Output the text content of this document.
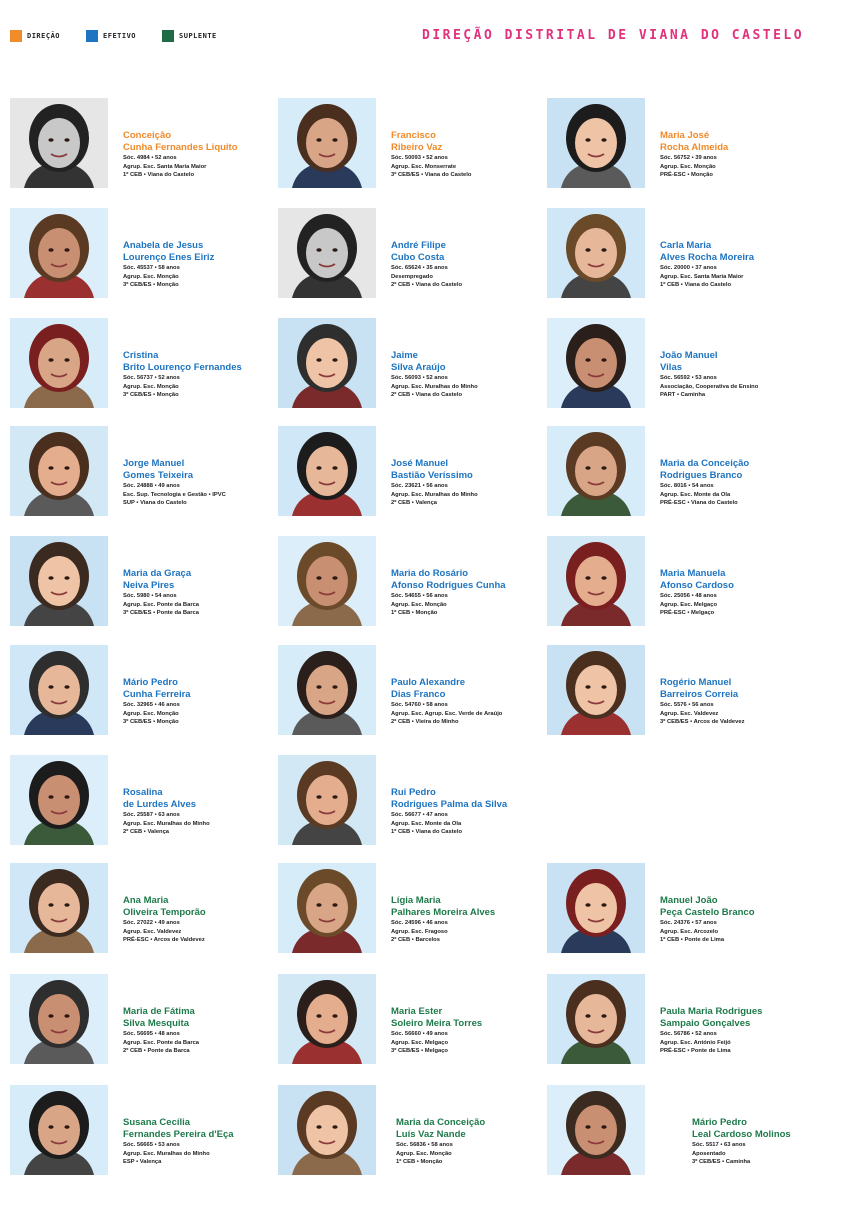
DIREÇÃO	EFETIVO	SUPLENTE	DIREÇÃO DISTRITAL DE VIANA DO CASTELO
Conceição
Cunha Fernandes Liquito
Sóc. 4984 • 52 anos
Agrup. Esc. Santa Maria Maior
1º CEB • Viana do Castelo
Francisco
Ribeiro Vaz
Sóc. 50093 • 52 anos
Agrup. Esc. Monserrate
3º CEB/ES • Viana do Castelo
Maria José
Rocha Almeida
Sóc. 56752 • 39 anos
Agrup. Esc. Monção
PRÉ-ESC • Monção
Anabela de Jesus
Lourenço Enes Eiriz
Sóc. 45537 • 58 anos
Agrup. Esc. Monção
3º CEB/ES • Monção
André Filipe
Cubo Costa
Sóc. 65624 • 35 anos
Desempregado
2º CEB • Viana do Castelo
Carla Maria
Alves Rocha Moreira
Sóc. 20000 • 37 anos
Agrup. Esc. Santa Maria Maior
1º CEB • Viana do Castelo
Cristina
Brito Lourenço Fernandes
Sóc. 56737 • 52 anos
Agrup. Esc. Monção
3º CEB/ES • Monção
Jaime
Silva Araújo
Sóc. 56093 • 52 anos
Agrup. Esc. Muralhas do Minho
2º CEB • Viana do Castelo
João Manuel
Vilas
Sóc. 56592 • 53 anos
Associação, Cooperativa de Ensino
PART • Caminha
Jorge Manuel
Gomes Teixeira
Sóc. 24888 • 49 anos
Esc. Sup. Tecnologia e Gestão • IPVC
SUP • Viana do Castelo
José Manuel
Bastião Veríssimo
Sóc. 23621 • 56 anos
Agrup. Esc. Muralhas do Minho
2º CEB • Valença
Maria da Conceição
Rodrigues Branco
Sóc. 8016 • 54 anos
Agrup. Esc. Monte da Ola
PRÉ-ESC • Viana do Castelo
Maria da Graça
Neiva Pires
Sóc. 5980 • 54 anos
Agrup. Esc. Ponte da Barca
3º CEB/ES • Ponte da Barca
Maria do Rosário
Afonso Rodrigues Cunha
Sóc. 54655 • 56 anos
Agrup. Esc. Monção
1º CEB • Monção
Maria Manuela
Afonso Cardoso
Sóc. 25056 • 48 anos
Agrup. Esc. Melgaço
PRÉ-ESC • Melgaço
Mário Pedro
Cunha Ferreira
Sóc. 32965 • 46 anos
Agrup. Esc. Monção
3º CEB/ES • Monção
Paulo Alexandre
Dias Franco
Sóc. 54760 • 58 anos
Agrup. Esc. Agrup. Esc. Verde de Araújo
2º CEB • Vieira do Minho
Rogério Manuel
Barreiros Correia
Sóc. 5576 • 56 anos
Agrup. Esc. Valdevez
3º CEB/ES • Arcos de Valdevez
Rosalina
de Lurdes Alves
Sóc. 25587 • 63 anos
Agrup. Esc. Muralhas do Minho
2º CEB • Valença
Rui Pedro
Rodrigues Palma da Silva
Sóc. 56677 • 47 anos
Agrup. Esc. Monte da Ola
1º CEB • Viana do Castelo
Ana Maria
Oliveira Temporão
Sóc. 27022 • 49 anos
Agrup. Esc. Valdevez
PRÉ-ESC • Arcos de Valdevez
Lígia Maria
Palhares Moreira Alves
Sóc. 24596 • 46 anos
Agrup. Esc. Fragoso
2º CEB • Barcelos
Manuel João
Peça Castelo Branco
Sóc. 24376 • 57 anos
Agrup. Esc. Arcozelo
1º CEB • Ponte de Lima
Maria de Fátima
Silva Mesquita
Sóc. 56695 • 48 anos
Agrup. Esc. Ponte da Barca
2º CEB • Ponte da Barca
Maria Ester
Soleiro Meira Torres
Sóc. 56660 • 49 anos
Agrup. Esc. Melgaço
3º CEB/ES • Melgaço
Paula Maria Rodrigues
Sampaio Gonçalves
Sóc. 56786 • 52 anos
Agrup. Esc. António Feijó
PRÉ-ESC • Ponte de Lima
Susana Cecília
Fernandes Pereira d'Eça
Sóc. 56665 • 53 anos
Agrup. Esc. Muralhas do Minho
ESP • Valença
Maria da Conceição
Luís Vaz Nande
Sóc. 56836 • 58 anos
Agrup. Esc. Monção
1º CEB • Monção
Mário Pedro
Leal Cardoso Molinos
Sóc. 5517 • 63 anos
Aposentado
3º CEB/ES • Caminha
